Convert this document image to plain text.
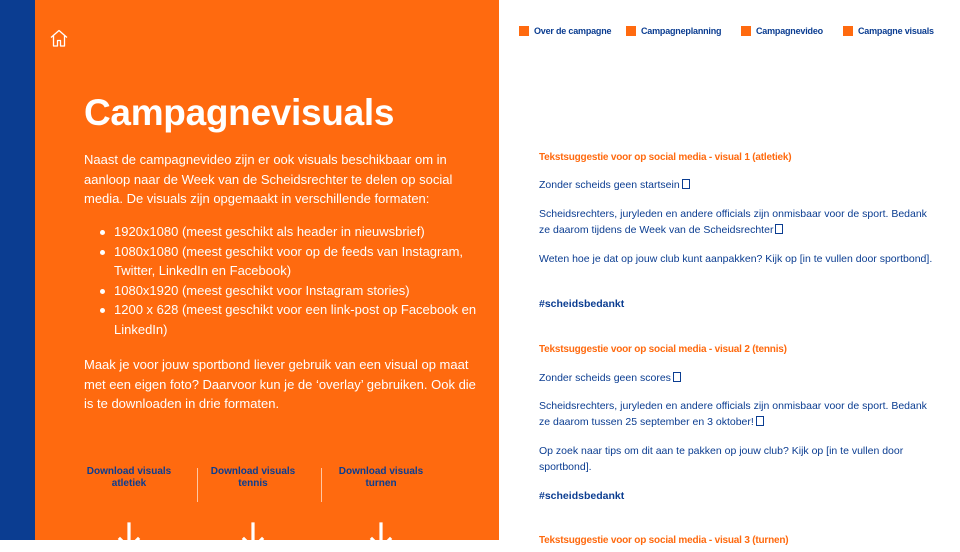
Campagnevisuals

Naast de campagnevideo zijn er ook visuals beschikbaar om in aanloop naar de Week van de Scheidsrechter te delen op social media. De visuals zijn opgemaakt in verschillende formaten:

1920x1080 (meest geschikt als header in nieuwsbrief)
1080x1080 (meest geschikt voor op de feeds van Instagram, Twitter, LinkedIn en Facebook)
1080x1920 (meest geschikt voor Instagram stories)
1200 x 628 (meest geschikt voor een link-post op Facebook en LinkedIn)

Maak je voor jouw sportbond liever gebruik van een visual op maat met een eigen foto? Daarvoor kun je de ‘overlay’ gebruiken. Ook die is te downloaden in drie formaten.

Download visuals
atletiek
Download visuals
tennis
Download visuals
turnen
Over de campagne	Campagneplanning	Campagnevideo	Campagne visuals
Tekstsuggestie voor op social media - visual 1 (atletiek)
Zonder scheids geen startsein
Scheidsrechters, juryleden en andere officials zijn onmisbaar voor de sport. Bedank ze daarom tijdens de Week van de Scheidsrechter
Weten hoe je dat op jouw club kunt aanpakken? Kijk op [in te vullen door sportbond].
#scheidsbedankt
Tekstsuggestie voor op social media - visual 2 (tennis)
Zonder scheids geen scores
Scheidsrechters, juryleden en andere officials zijn onmisbaar voor de sport. Bedank ze daarom tussen 25 september en 3 oktober!
Op zoek naar tips om dit aan te pakken op jouw club? Kijk op [in te vullen door sportbond].
#scheidsbedankt
Tekstsuggestie voor op social media - visual 3 (turnen)
